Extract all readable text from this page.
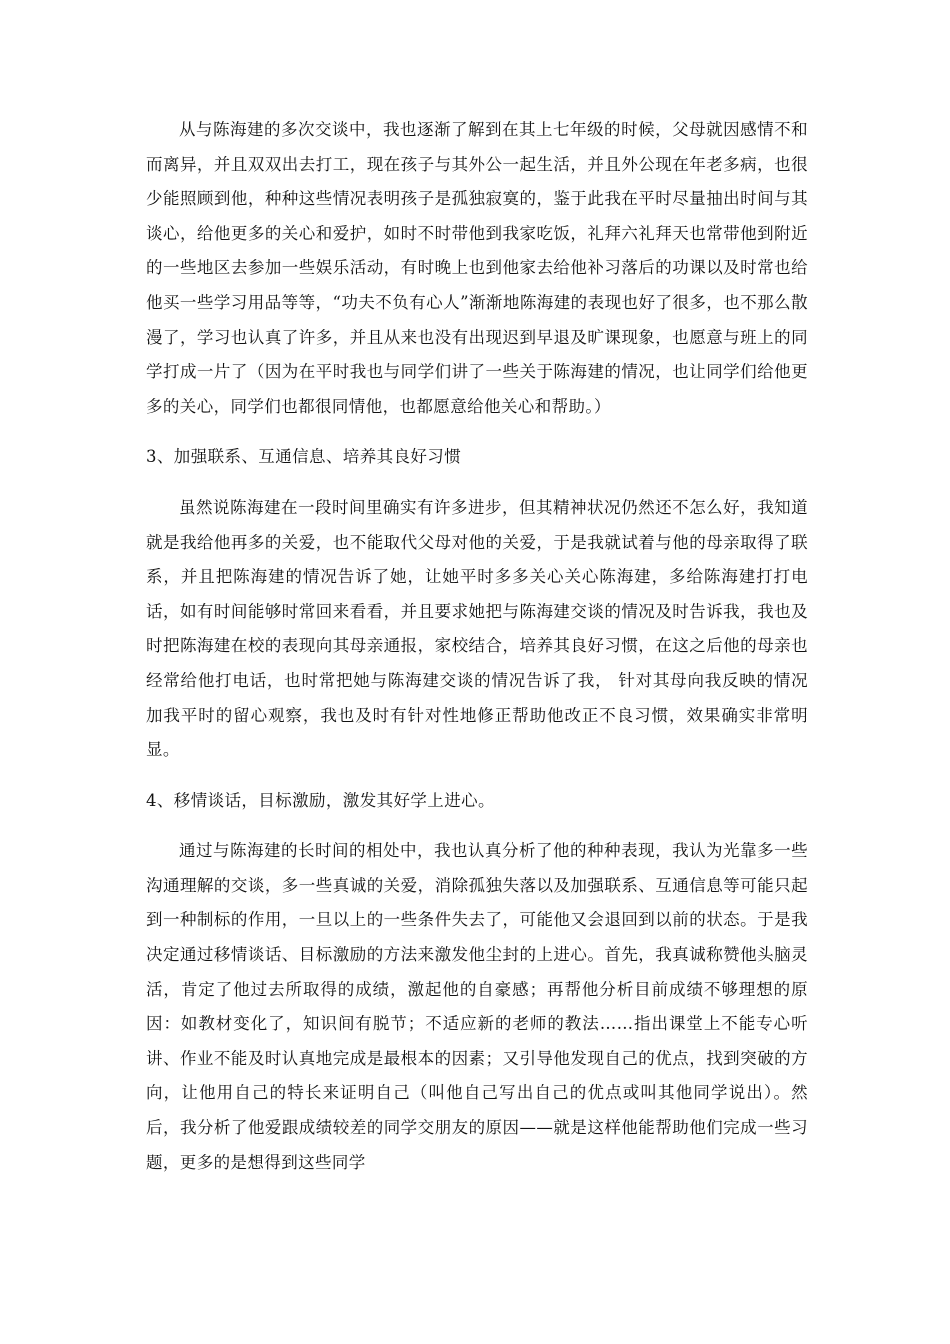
从与陈海建的多次交谈中，我也逐渐了解到在其上七年级的时候，父母就因感情不和而离异，并且双双出去打工，现在孩子与其外公一起生活，并且外公现在年老多病，也很少能照顾到他，种种这些情况表明孩子是孤独寂寞的，鉴于此我在平时尽量抽出时间与其谈心，给他更多的关心和爱护，如时不时带他到我家吃饭，礼拜六礼拜天也常带他到附近的一些地区去参加一些娱乐活动，有时晚上也到他家去给他补习落后的功课以及时常也给他买一些学习用品等等，“功夫不负有心人”渐渐地陈海建的表现也好了很多，也不那么散漫了，学习也认真了许多，并且从来也没有出现迟到早退及旷课现象，也愿意与班上的同学打成一片了（因为在平时我也与同学们讲了一些关于陈海建的情况，也让同学们给他更多的关心，同学们也都很同情他，也都愿意给他关心和帮助。）

3、加强联系、互通信息、培养其良好习惯

虽然说陈海建在一段时间里确实有许多进步，但其精神状况仍然还不怎么好，我知道就是我给他再多的关爱，也不能取代父母对他的关爱，于是我就试着与他的母亲取得了联系，并且把陈海建的情况告诉了她，让她平时多多关心关心陈海建，多给陈海建打打电话，如有时间能够时常回来看看，并且要求她把与陈海建交谈的情况及时告诉我，我也及时把陈海建在校的表现向其母亲通报，家校结合，培养其良好习惯，在这之后他的母亲也经常给他打电话，也时常把她与陈海建交谈的情况告诉了我， 针对其母向我反映的情况加我平时的留心观察，我也及时有针对性地修正帮助他改正不良习惯，效果确实非常明显。

4、移情谈话，目标激励，激发其好学上进心。

通过与陈海建的长时间的相处中，我也认真分析了他的种种表现，我认为光靠多一些沟通理解的交谈，多一些真诚的关爱，消除孤独失落以及加强联系、互通信息等可能只起到一种制标的作用，一旦以上的一些条件失去了，可能他又会退回到以前的状态。于是我决定通过移情谈话、目标激励的方法来激发他尘封的上进心。首先，我真诚称赞他头脑灵活，肯定了他过去所取得的成绩，激起他的自豪感；再帮他分析目前成绩不够理想的原因：如教材变化了，知识间有脱节；不适应新的老师的教法……指出课堂上不能专心听讲、作业不能及时认真地完成是最根本的因素；又引导他发现自己的优点，找到突破的方向，让他用自己的特长来证明自己（叫他自己写出自己的优点或叫其他同学说出）。然后，我分析了他爱跟成绩较差的同学交朋友的原因——就是这样他能帮助他们完成一些习题，更多的是想得到这些同学
